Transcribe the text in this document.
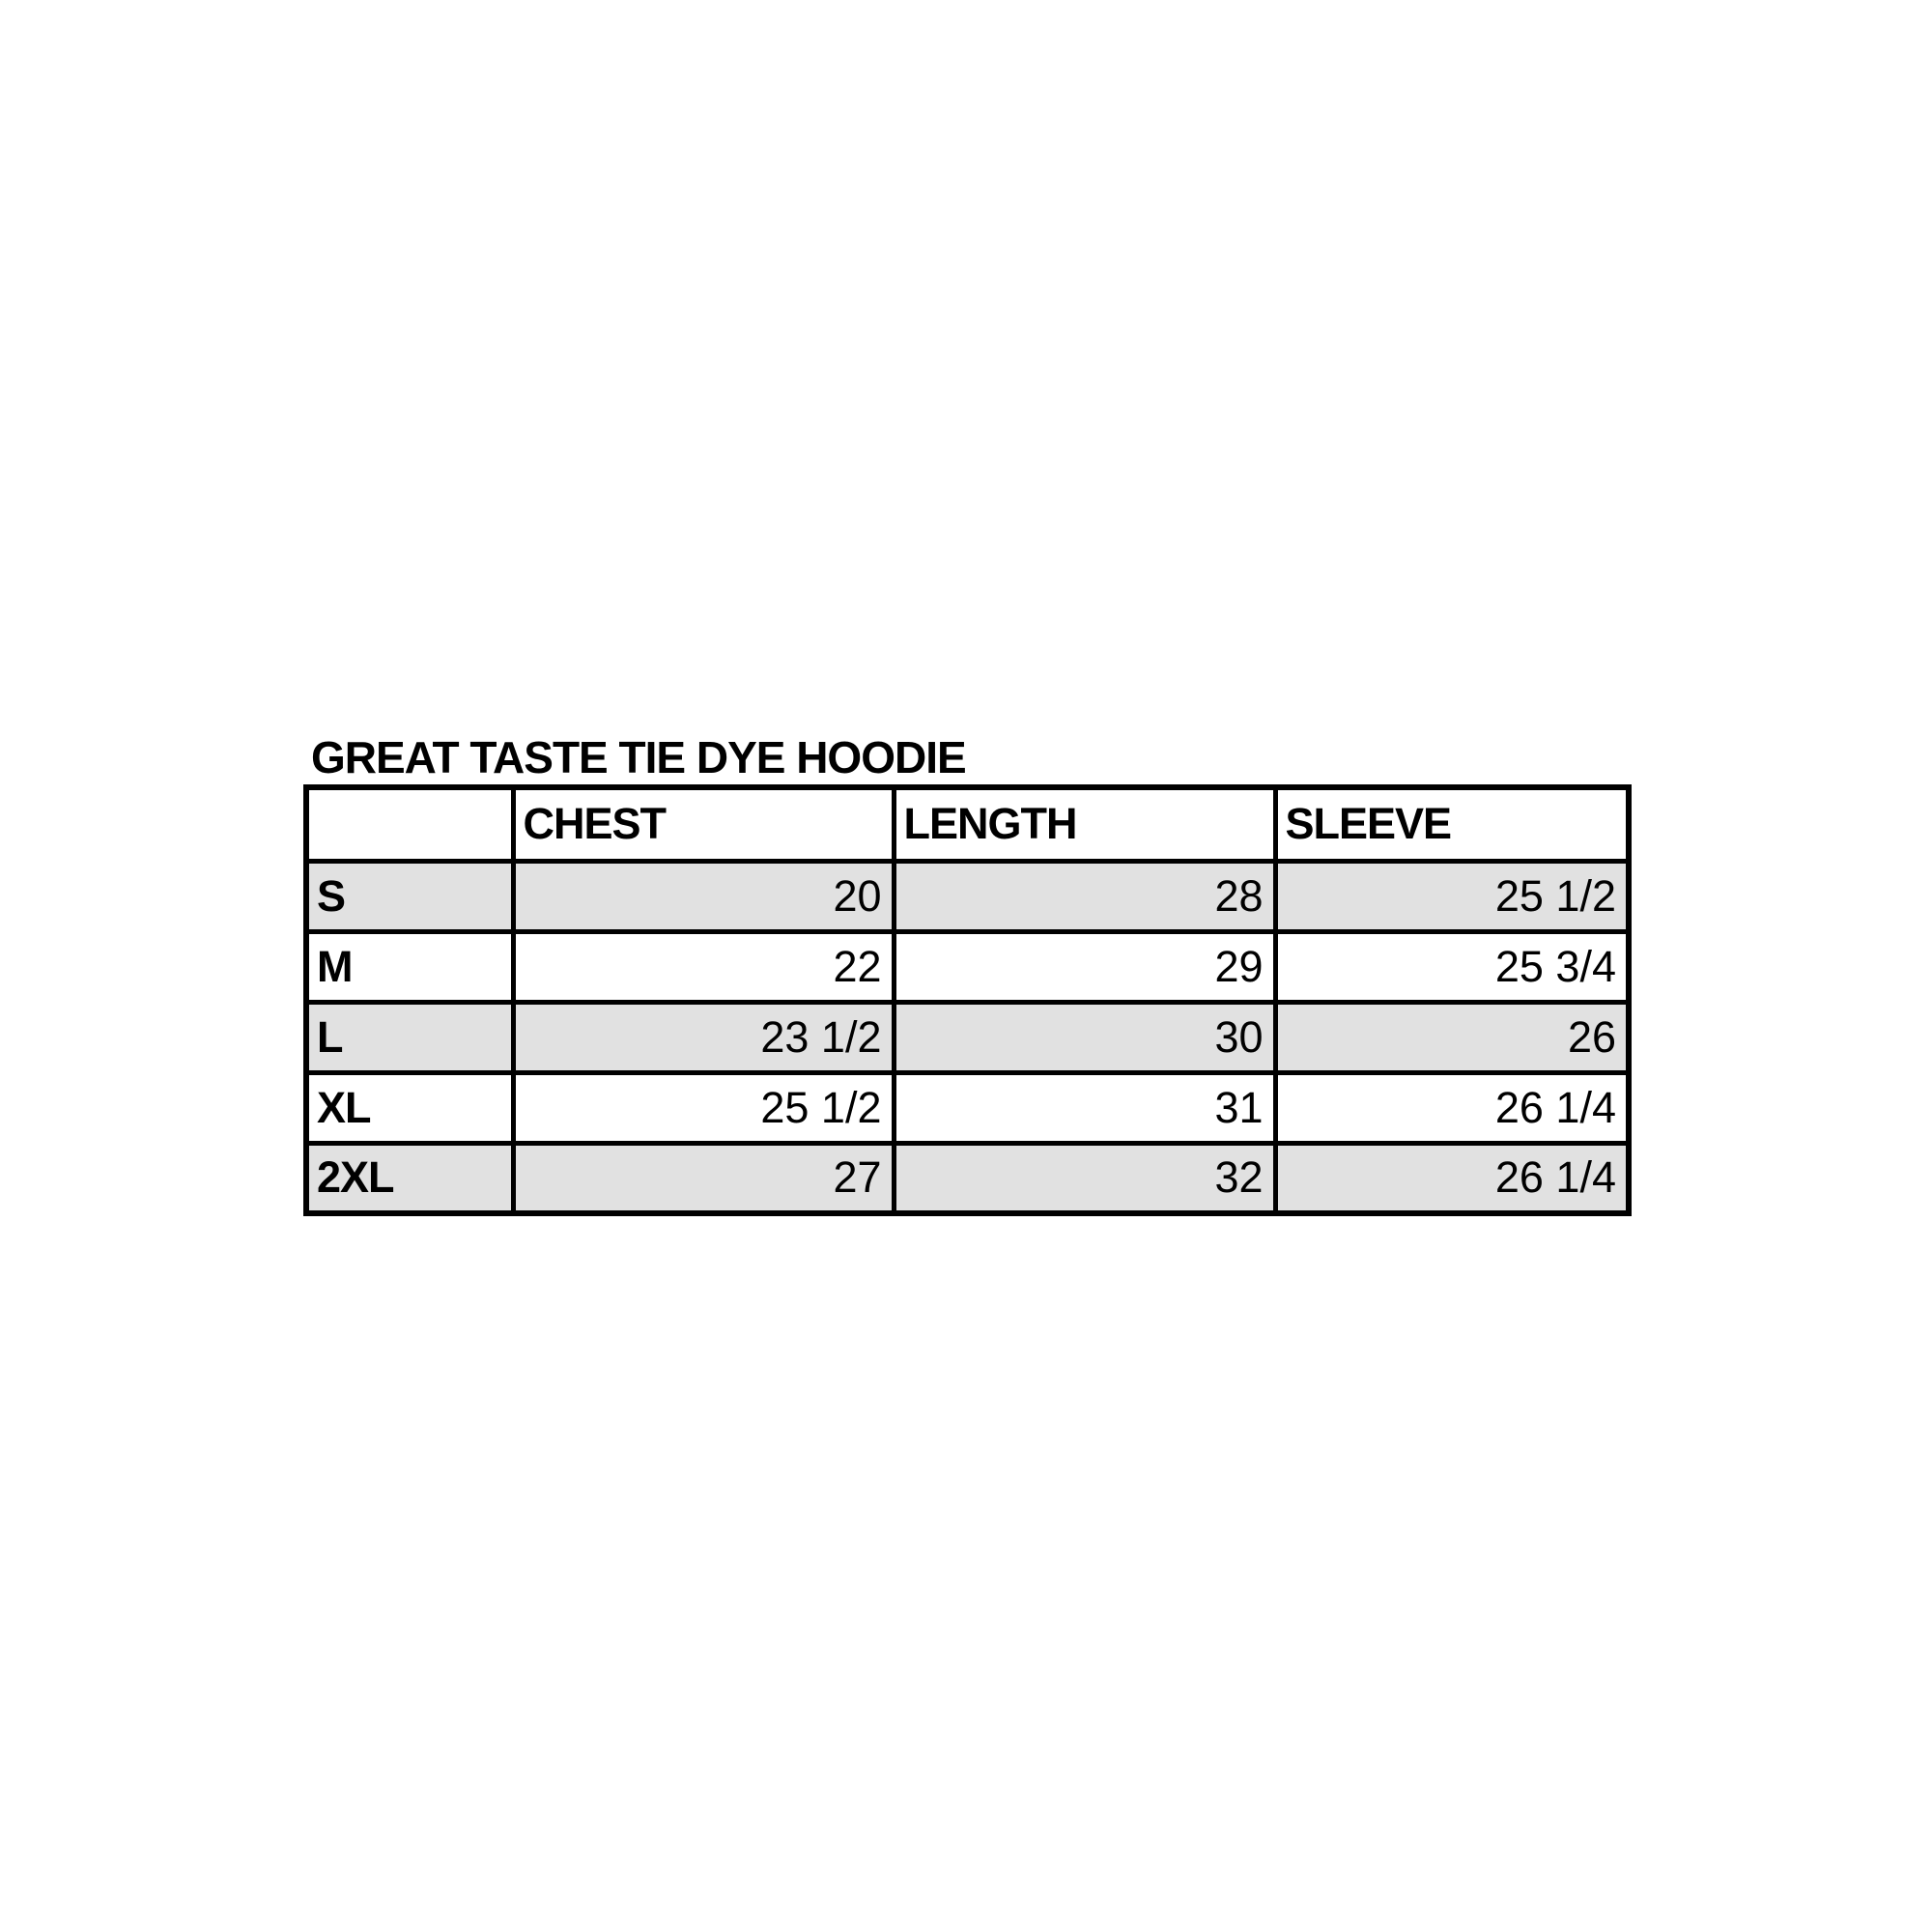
GREAT TASTE TIE DYE HOODIE
	CHEST	LENGTH	SLEEVE
S	20	28	25 1/2
M	22	29	25 3/4
L	23 1/2	30	26
XL	25 1/2	31	26 1/4
2XL	27	32	26 1/4
